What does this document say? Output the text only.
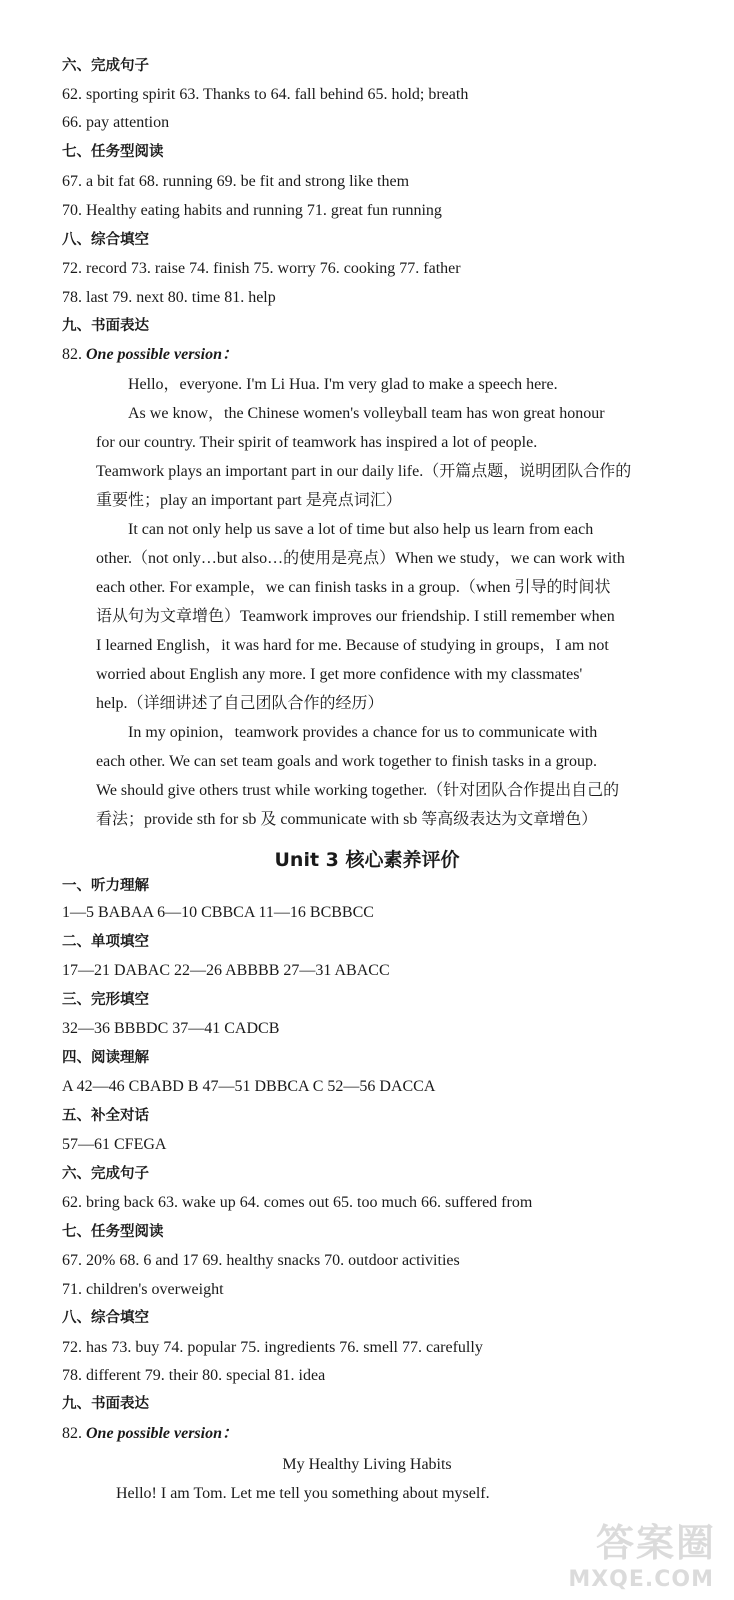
六、完成句子
62. sporting spirit 63. Thanks to 64. fall behind 65. hold; breath
66. pay attention
七、任务型阅读
67. a bit fat 68. running 69. be fit and strong like them
70. Healthy eating habits and running 71. great fun running
八、综合填空
72. record 73. raise 74. finish 75. worry 76. cooking 77. father
78. last 79. next 80. time 81. help
九、书面表达
82. One possible version：
Hello，everyone. I'm Li Hua. I'm very glad to make a speech here.
As we know，the Chinese women's volleyball team has won great honour
for our country. Their spirit of teamwork has inspired a lot of people.
Teamwork plays an important part in our daily life.（开篇点题，说明团队合作的
重要性；play an important part 是亮点词汇）
It can not only help us save a lot of time but also help us learn from each
other.（not only…but also…的使用是亮点）When we study，we can work with
each other. For example，we can finish tasks in a group.（when 引导的时间状
语从句为文章增色）Teamwork improves our friendship. I still remember when
I learned English，it was hard for me. Because of studying in groups，I am not
worried about English any more. I get more confidence with my classmates'
help.（详细讲述了自己团队合作的经历）
In my opinion，teamwork provides a chance for us to communicate with
each other. We can set team goals and work together to finish tasks in a group.
We should give others trust while working together.（针对团队合作提出自己的
看法；provide sth for sb 及 communicate with sb 等高级表达为文章增色）
Unit 3 核心素养评价
一、听力理解
1—5 BABAA 6—10 CBBCA 11—16 BCBBCC
二、单项填空
17—21 DABAC 22—26 ABBBB 27—31 ABACC
三、完形填空
32—36 BBBDC 37—41 CADCB
四、阅读理解
A 42—46 CBABD B 47—51 DBBCA C 52—56 DACCA
五、补全对话
57—61 CFEGA
六、完成句子
62. bring back 63. wake up 64. comes out 65. too much 66. suffered from
七、任务型阅读
67. 20% 68. 6 and 17 69. healthy snacks 70. outdoor activities
71. children's overweight
八、综合填空
72. has 73. buy 74. popular 75. ingredients 76. smell 77. carefully
78. different 79. their 80. special 81. idea
九、书面表达
82. One possible version：
My Healthy Living Habits
Hello! I am Tom. Let me tell you something about myself.
答案圈
MXQE.COM
